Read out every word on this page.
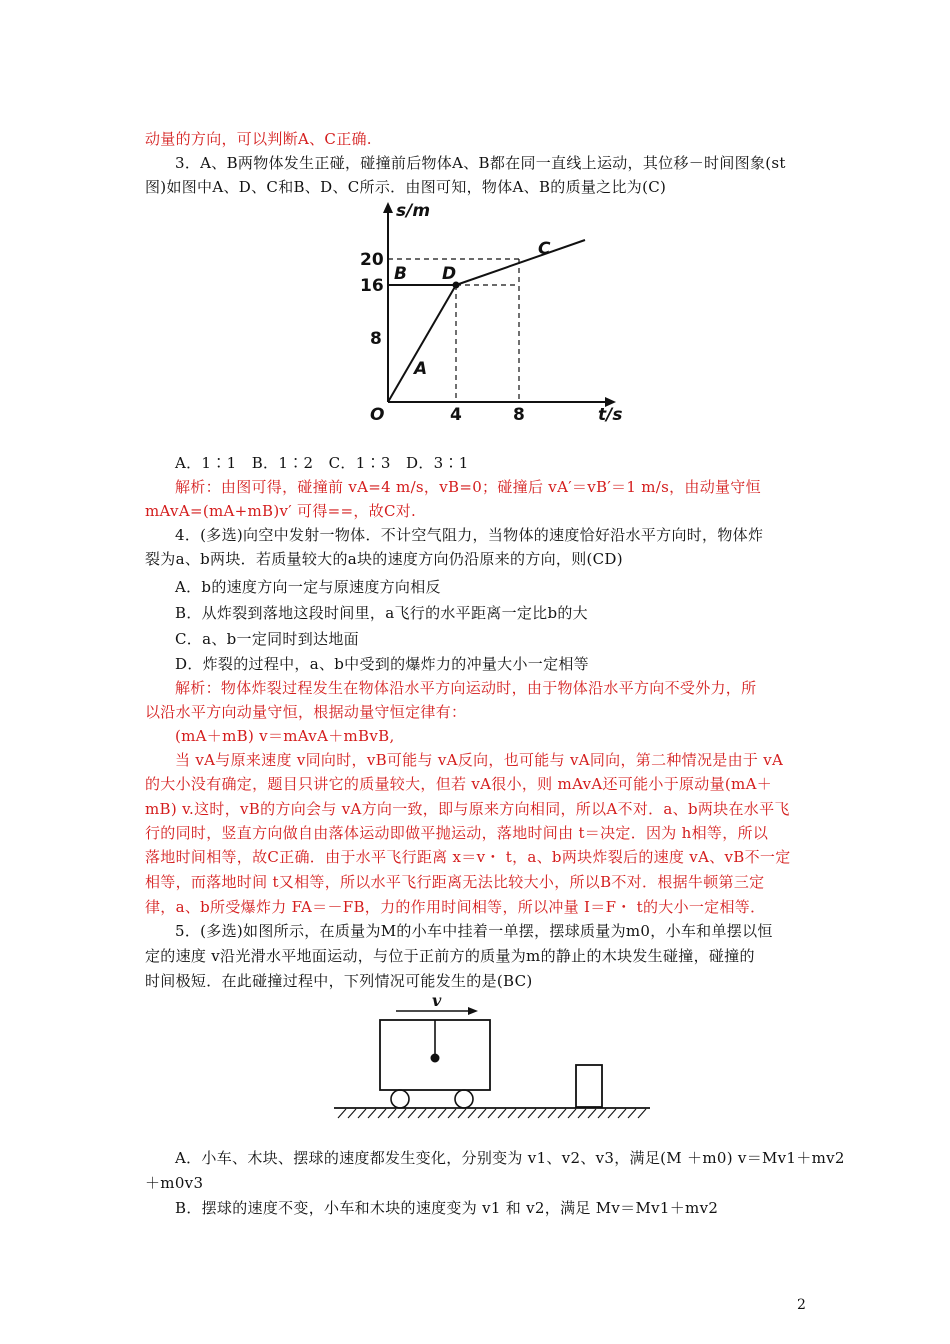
动量的方向，可以判断A、C正确.
3．A、B两物体发生正碰，碰撞前后物体A、B都在同一直线上运动，其位移－时间图象(st
图)如图中A、D、C和B、D、C所示．由图可知，物体A、B的质量之比为(C)
s/m
t/s
O
8
16
20
4	8
A
B
C
D
A．1∶1　B．1∶2　C．1∶3　D．3∶1
解析：由图可得，碰撞前 vA=4 m/s，vB=0；碰撞后 vA′＝vB′＝1 m/s，由动量守恒
mAvA=(mA+mB)v′ 可得==，故C对.
4．(多选)向空中发射一物体．不计空气阻力，当物体的速度恰好沿水平方向时，物体炸
裂为a、b两块．若质量较大的a块的速度方向仍沿原来的方向，则(CD)
A．b的速度方向一定与原速度方向相反
B．从炸裂到落地这段时间里，a飞行的水平距离一定比b的大
C．a、b一定同时到达地面
D．炸裂的过程中，a、b中受到的爆炸力的冲量大小一定相等
解析：物体炸裂过程发生在物体沿水平方向运动时，由于物体沿水平方向不受外力，所
以沿水平方向动量守恒，根据动量守恒定律有：
(mA＋mB) v＝mAvA＋mBvB,
当 vA与原来速度 v同向时，vB可能与 vA反向，也可能与 vA同向，第二种情况是由于 vA
的大小没有确定，题目只讲它的质量较大，但若 vA很小，则 mAvA还可能小于原动量(mA＋
mB) v.这时，vB的方向会与 vA方向一致，即与原来方向相同，所以A不对．a、b两块在水平飞
行的同时，竖直方向做自由落体运动即做平抛运动，落地时间由 t＝决定．因为 h相等，所以
落地时间相等，故C正确．由于水平飞行距离 x＝v・ t，a、b两块炸裂后的速度 vA、vB不一定
相等，而落地时间 t又相等，所以水平飞行距离无法比较大小，所以B不对．根据牛顿第三定
律，a、b所受爆炸力 FA＝－FB，力的作用时间相等，所以冲量 I＝F・ t的大小一定相等．
5．(多选)如图所示，在质量为M的小车中挂着一单摆，摆球质量为m0，小车和单摆以恒
定的速度 v沿光滑水平地面运动，与位于正前方的质量为m的静止的木块发生碰撞，碰撞的
时间极短．在此碰撞过程中，下列情况可能发生的是(BC)
v
A．小车、木块、摆球的速度都发生变化，分别变为 v1、v2、v3，满足(M ＋m0) v＝Mv1＋mv2
＋m0v3
B．摆球的速度不变，小车和木块的速度变为 v1 和 v2，满足 Mv＝Mv1＋mv2
2
